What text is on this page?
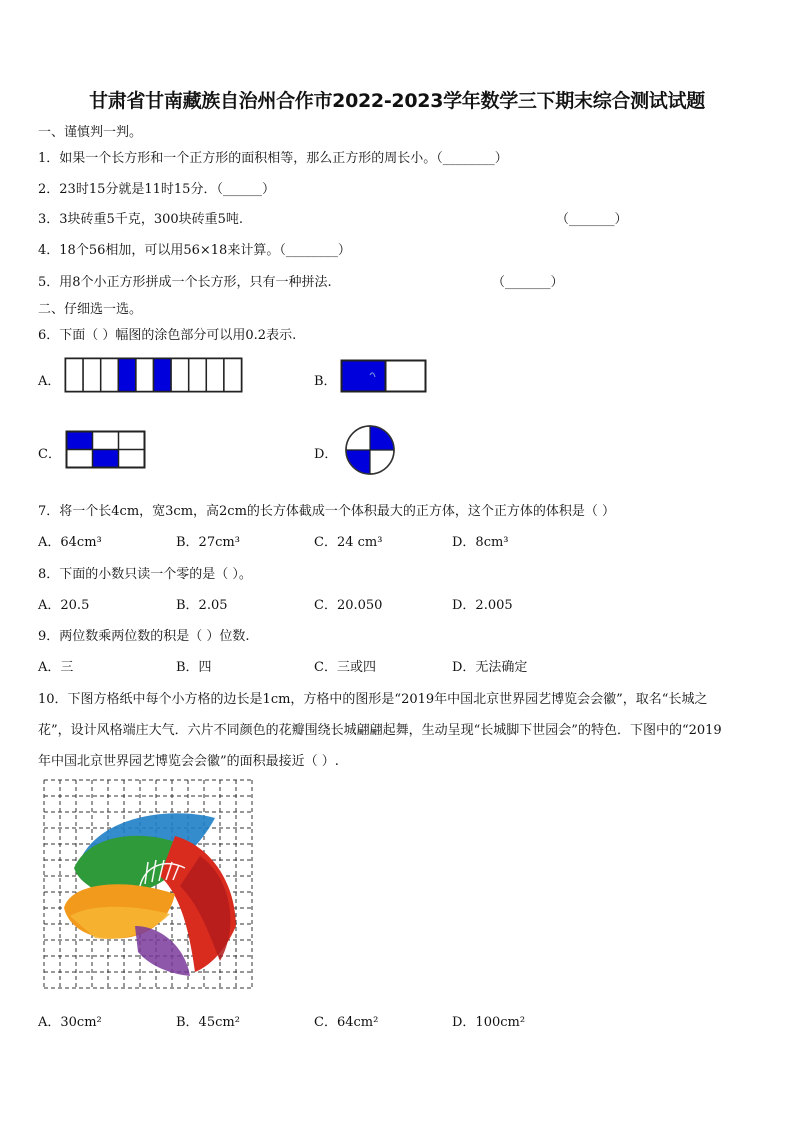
甘肃省甘南藏族自治州合作市2022-2023学年数学三下期末综合测试试题
一、谨慎判一判。
1．如果一个长方形和一个正方形的面积相等，那么正方形的周长小。（________）
2．23时15分就是11时15分．（______）
3．3块砖重5千克，300块砖重5吨.	（_______）
4．18个56相加，可以用56×18来计算。（________）
5．用8个小正方形拼成一个长方形，只有一种拼法.	（_______）
二、仔细选一选。
6．下面（ ）幅图的涂色部分可以用0.2表示.
A．	B．
C．	D．
7．将一个长4cm，宽3cm，高2cm的长方体截成一个体积最大的正方体，这个正方体的体积是（ ）
A．64cm³	B．27cm³	C．24 cm³	D．8cm³
8．下面的小数只读一个零的是（ ）。
A．20.5	B．2.05	C．20.050	D．2.005
9．两位数乘两位数的积是（ ）位数.
A．三	B．四	C．三或四	D．无法确定
10．下图方格纸中每个小方格的边长是1cm，方格中的图形是“2019年中国北京世界园艺博览会会徽”，取名“长城之
花”，设计风格端庄大气．六片不同颜色的花瓣围绕长城翩翩起舞，生动呈现“长城脚下世园会”的特色．下图中的“2019
年中国北京世界园艺博览会会徽”的面积最接近（ ）.
A．30cm²	B．45cm²	C．64cm²	D．100cm²
